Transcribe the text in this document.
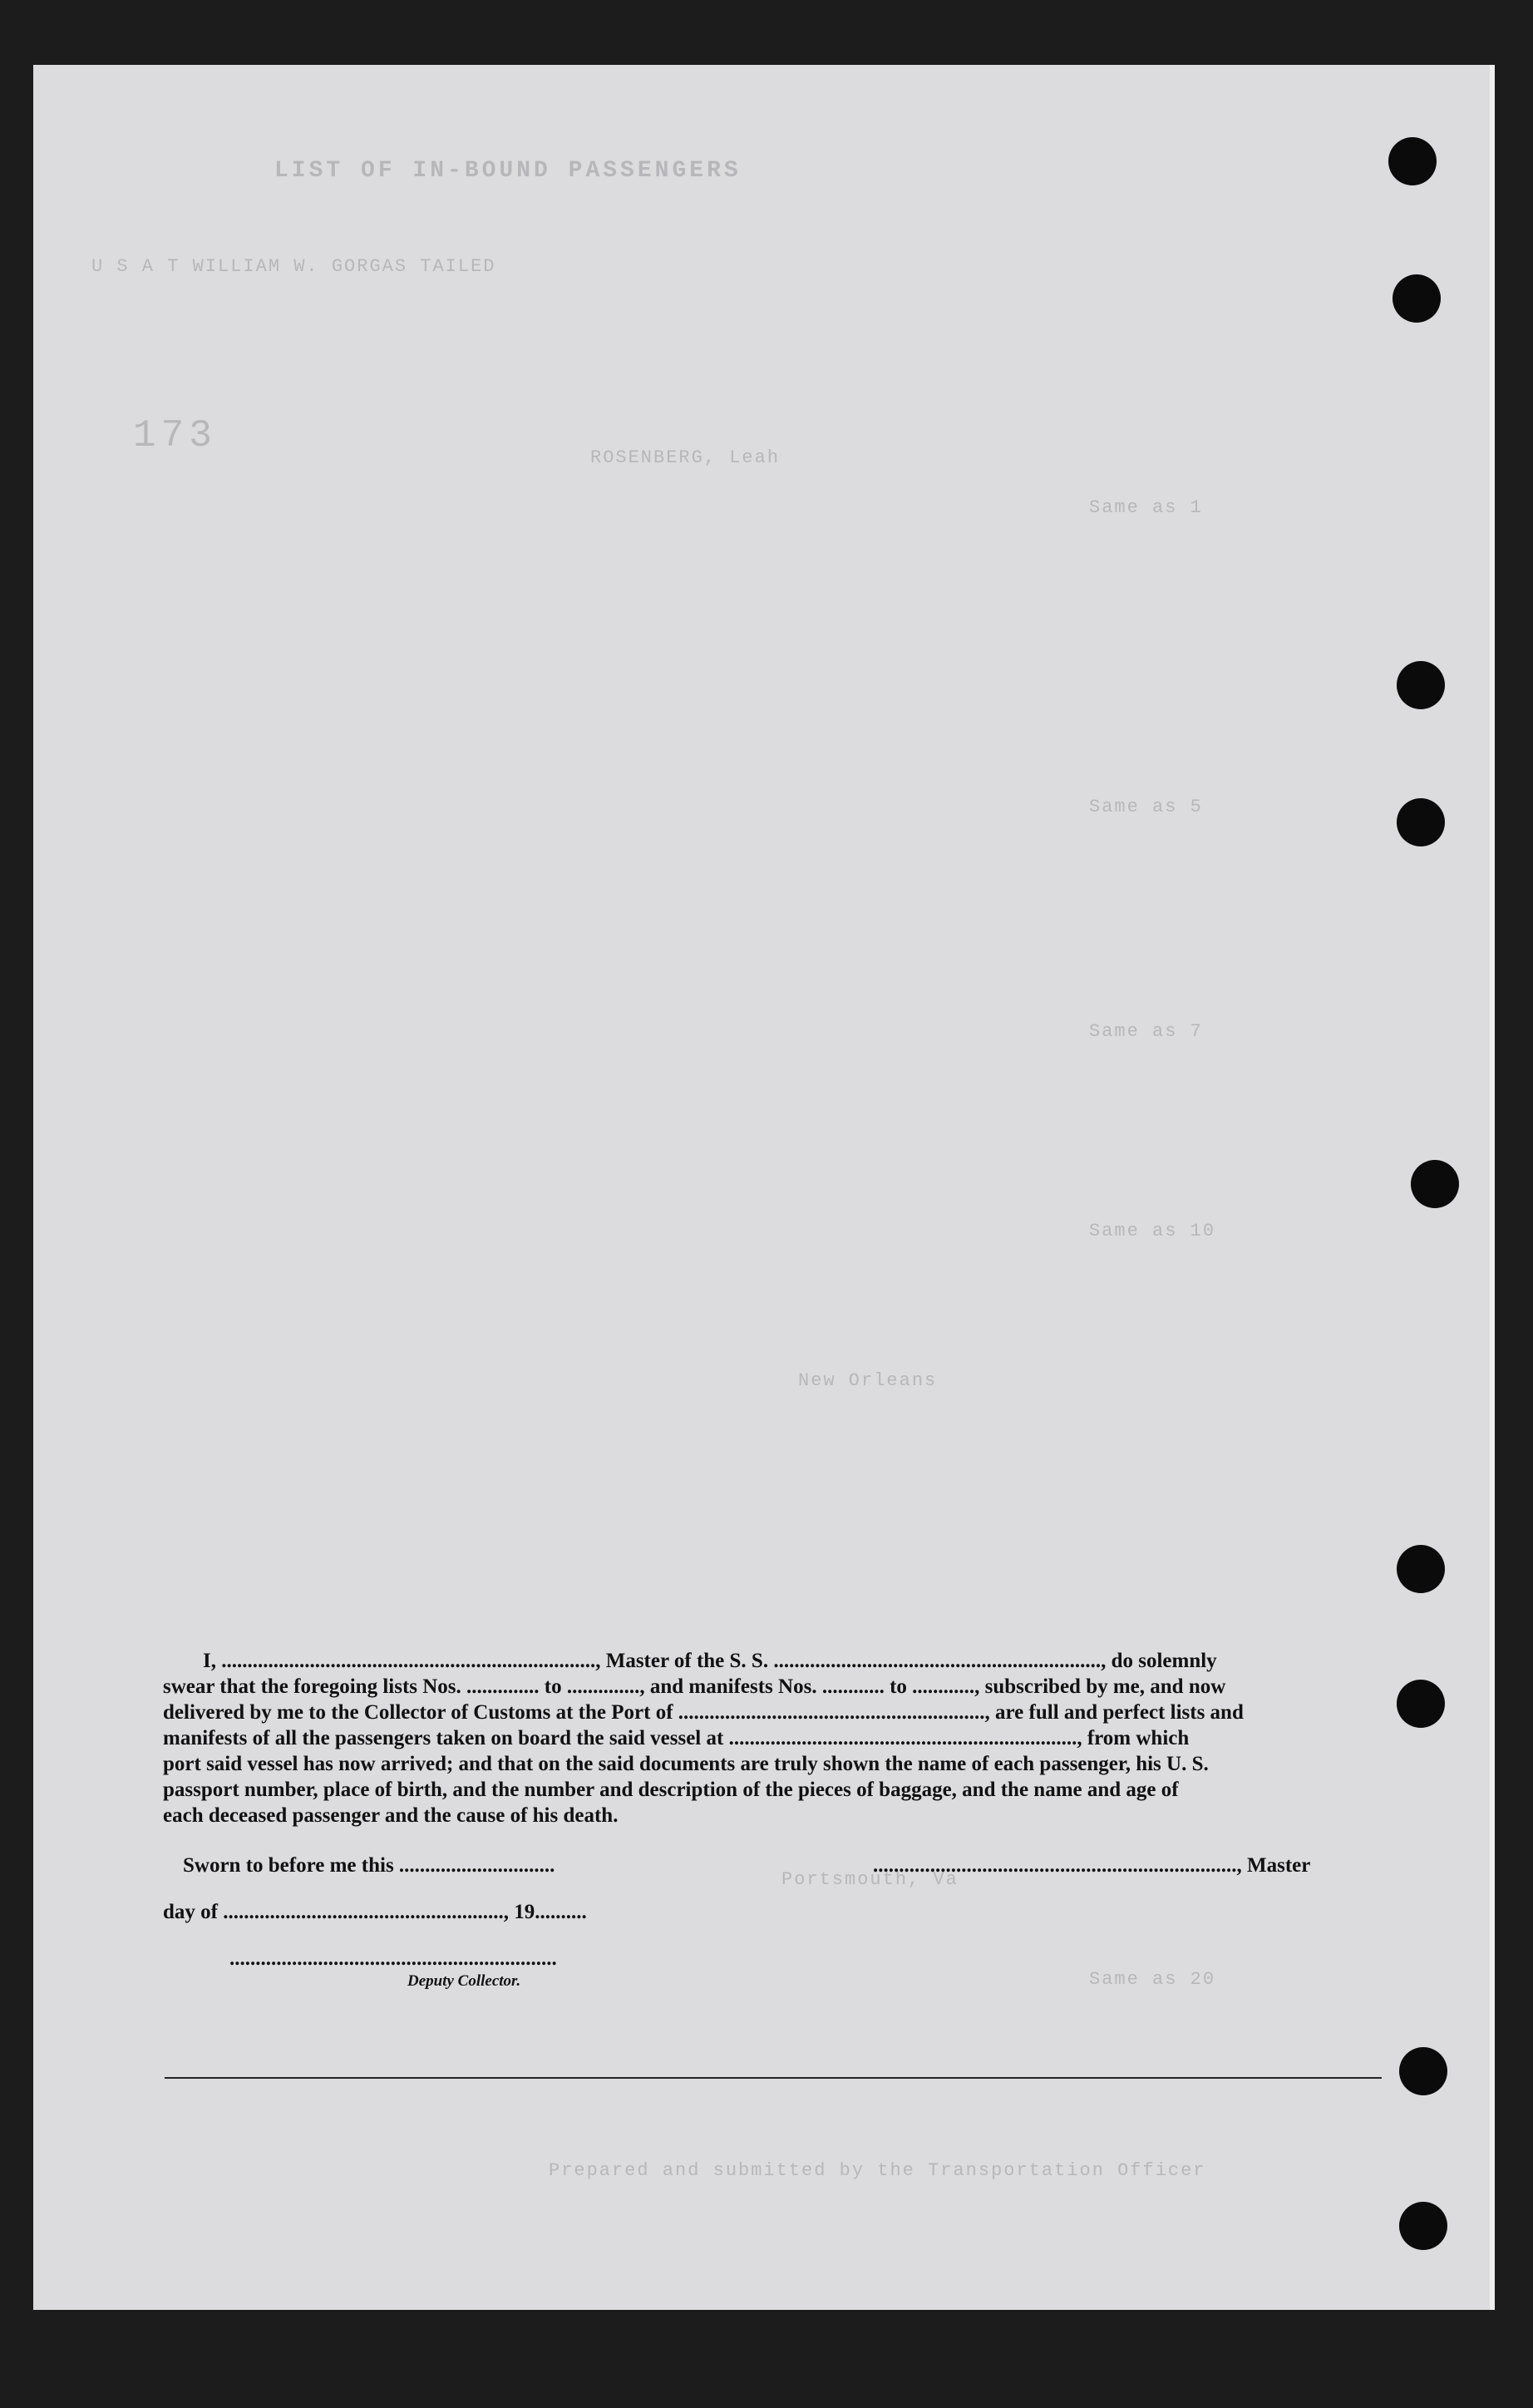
LIST OF IN-BOUND PASSENGERS
U S A T WILLIAM W. GORGAS TAILED
173
ROSENBERG, Leah
Same as 1
Same as 5
Same as 7
Same as 10
New Orleans
Portsmouth, Va
Same as 20
Prepared and submitted by the Transportation Officer

I, ........................................................................, Master of the S. S. ..............................................................., do solemnly

swear that the foregoing lists Nos. .............. to .............., and manifests Nos. ............ to ............, subscribed by me, and now

delivered by me to the Collector of Customs at the Port of ..........................................................., are full and perfect lists and

manifests of all the passengers taken on board the said vessel at ..................................................................., from which

port said vessel has now arrived; and that on the said documents are truly shown the name of each passenger, his U. S.

passport number, place of birth, and the number and description of the pieces of baggage, and the name and age of

each deceased passenger and the cause of his death.

Sworn to before me this ..............................	......................................................................, Master
day of ......................................................, 19..........
...............................................................
Deputy Collector.
